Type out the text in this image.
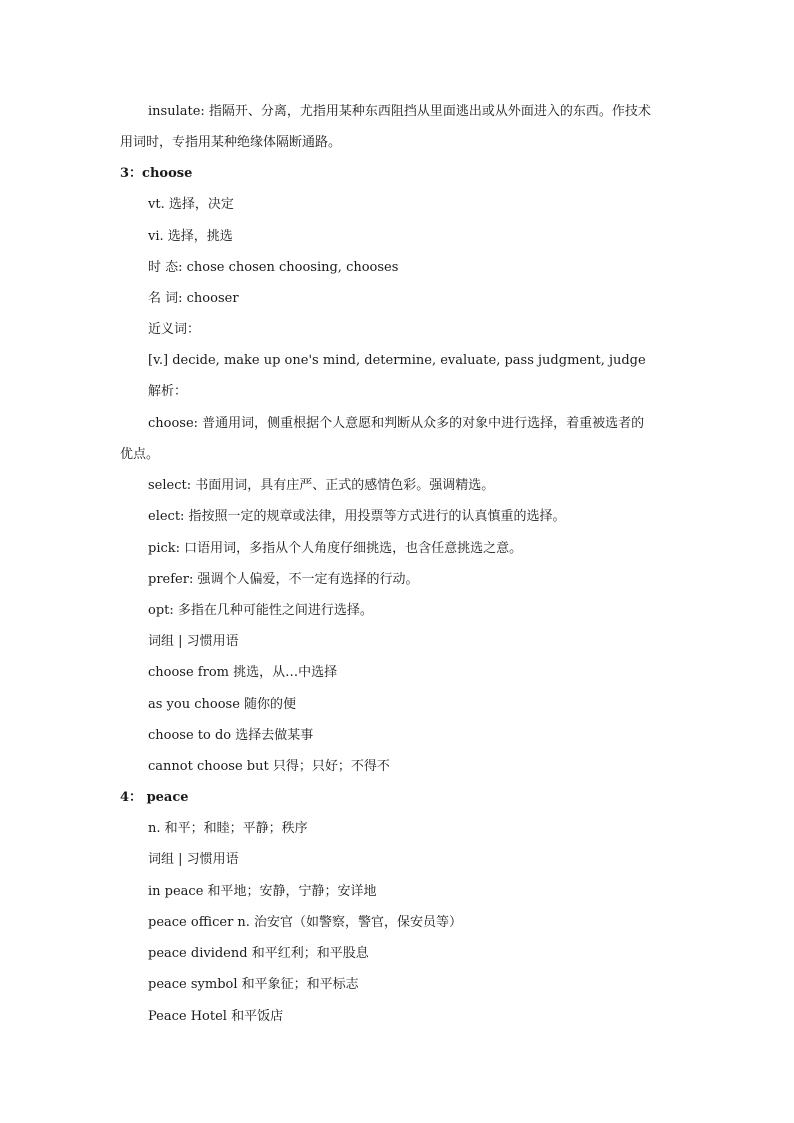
insulate: 指隔开、分离，尤指用某种东西阻挡从里面逃出或从外面进入的东西。作技术
用词时，专指用某种绝缘体隔断通路。
3：choose
vt. 选择，决定
vi. 选择，挑选
时 态: chose chosen choosing, chooses
名 词: chooser
近义词：
[v.] decide, make up one's mind, determine, evaluate, pass judgment, judge
解析：
choose: 普通用词，侧重根据个人意愿和判断从众多的对象中进行选择，着重被选者的
优点。
select: 书面用词，具有庄严、正式的感情色彩。强调精选。
elect: 指按照一定的规章或法律，用投票等方式进行的认真慎重的选择。
pick: 口语用词，多指从个人角度仔细挑选，也含任意挑选之意。
prefer: 强调个人偏爱，不一定有选择的行动。
opt: 多指在几种可能性之间进行选择。
词组 | 习惯用语
choose from 挑选，从…中选择
as you choose 随你的便
choose to do 选择去做某事
cannot choose but 只得；只好；不得不
4： peace
n. 和平；和睦；平静；秩序
词组 | 习惯用语
in peace 和平地；安静，宁静；安详地
peace officer n. 治安官（如警察，警官，保安员等）
peace dividend 和平红利；和平股息
peace symbol 和平象征；和平标志
Peace Hotel 和平饭店
